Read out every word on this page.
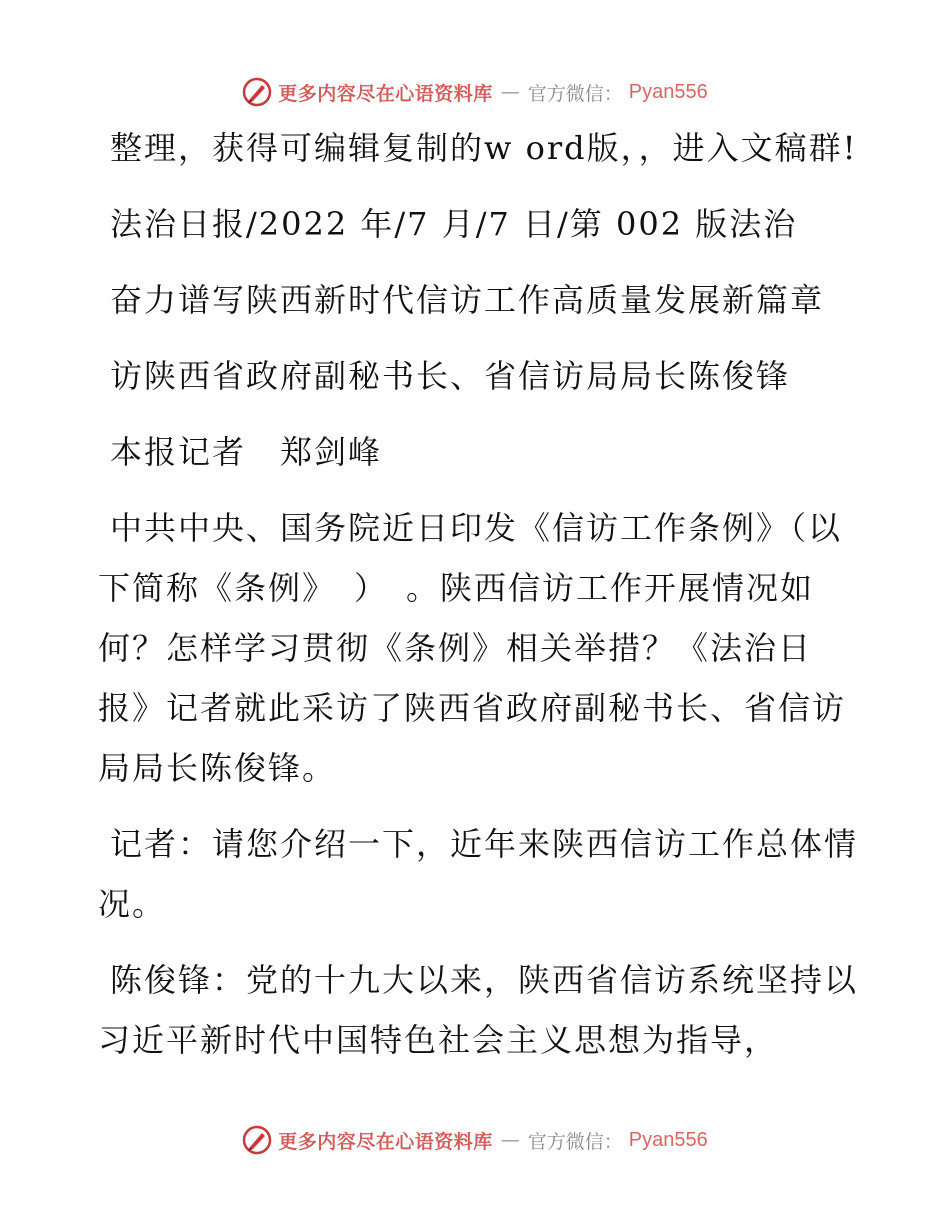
更多内容尽在心语资料库 — 官方微信： Pyan556

整理，获得可编辑复制的w ord版，，进入文稿群!

法治日报/2022 年/7 月/7 日/第 002 版法治

奋力谱写陕西新时代信访工作高质量发展新篇章

访陕西省政府副秘书长、省信访局局长陈俊锋

本报记者　郑剑峰

中共中央、国务院近日印发《信访工作条例》（以下简称《条例》　）　。陕西信访工作开展情况如何？怎样学习贯彻《条例》相关举措？《法治日报》记者就此采访了陕西省政府副秘书长、省信访局局长陈俊锋。

记者：请您介绍一下，近年来陕西信访工作总体情况。

陈俊锋：党的十九大以来，陕西省信访系统坚持以习近平新时代中国特色社会主义思想为指导，

更多内容尽在心语资料库 — 官方微信： Pyan556
